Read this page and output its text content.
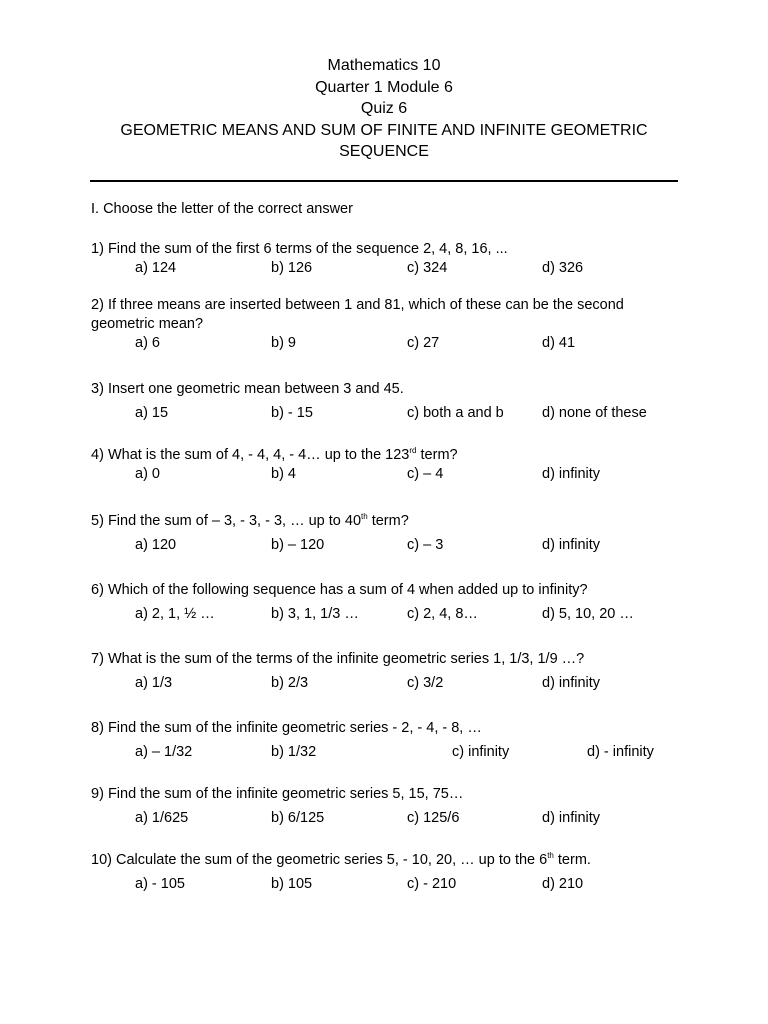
Mathematics 10
Quarter 1 Module 6
Quiz 6
GEOMETRIC MEANS AND SUM OF FINITE AND INFINITE GEOMETRIC
SEQUENCE
I. Choose the letter of the correct answer
1) Find the sum of the first 6 terms of the sequence 2, 4, 8, 16, ...
a) 124	b) 126	c) 324	d) 326
2) If three means are inserted between 1 and 81, which of these can be the second geometric mean?
a) 6	b) 9	c) 27	d) 41
3) Insert one geometric mean between 3 and 45.
a) 15	b) - 15	c) both a and b	d) none of these
4) What is the sum of 4, - 4, 4, - 4… up to the 123rd term?
a) 0	b) 4	c) – 4	d) infinity
5) Find the sum of – 3, - 3, - 3, … up to 40th term?
a) 120	b) – 120	c) – 3	d) infinity
6) Which of the following sequence has a sum of 4 when added up to infinity?
a) 2, 1, ½ …	b) 3, 1, 1/3 …	c) 2, 4, 8…	d) 5, 10, 20 …
7) What is the sum of the terms of the infinite geometric series 1, 1/3, 1/9 …?
a) 1/3	b) 2/3	c) 3/2	d) infinity
8) Find the sum of the infinite geometric series - 2, - 4, - 8, …
a) – 1/32	b) 1/32	c) infinity	d) - infinity
9) Find the sum of the infinite geometric series 5, 15, 75…
a) 1/625	b) 6/125	c) 125/6	d) infinity
10) Calculate the sum of the geometric series 5, - 10, 20, … up to the 6th term.
a) - 105	b) 105	c) - 210	d) 210
